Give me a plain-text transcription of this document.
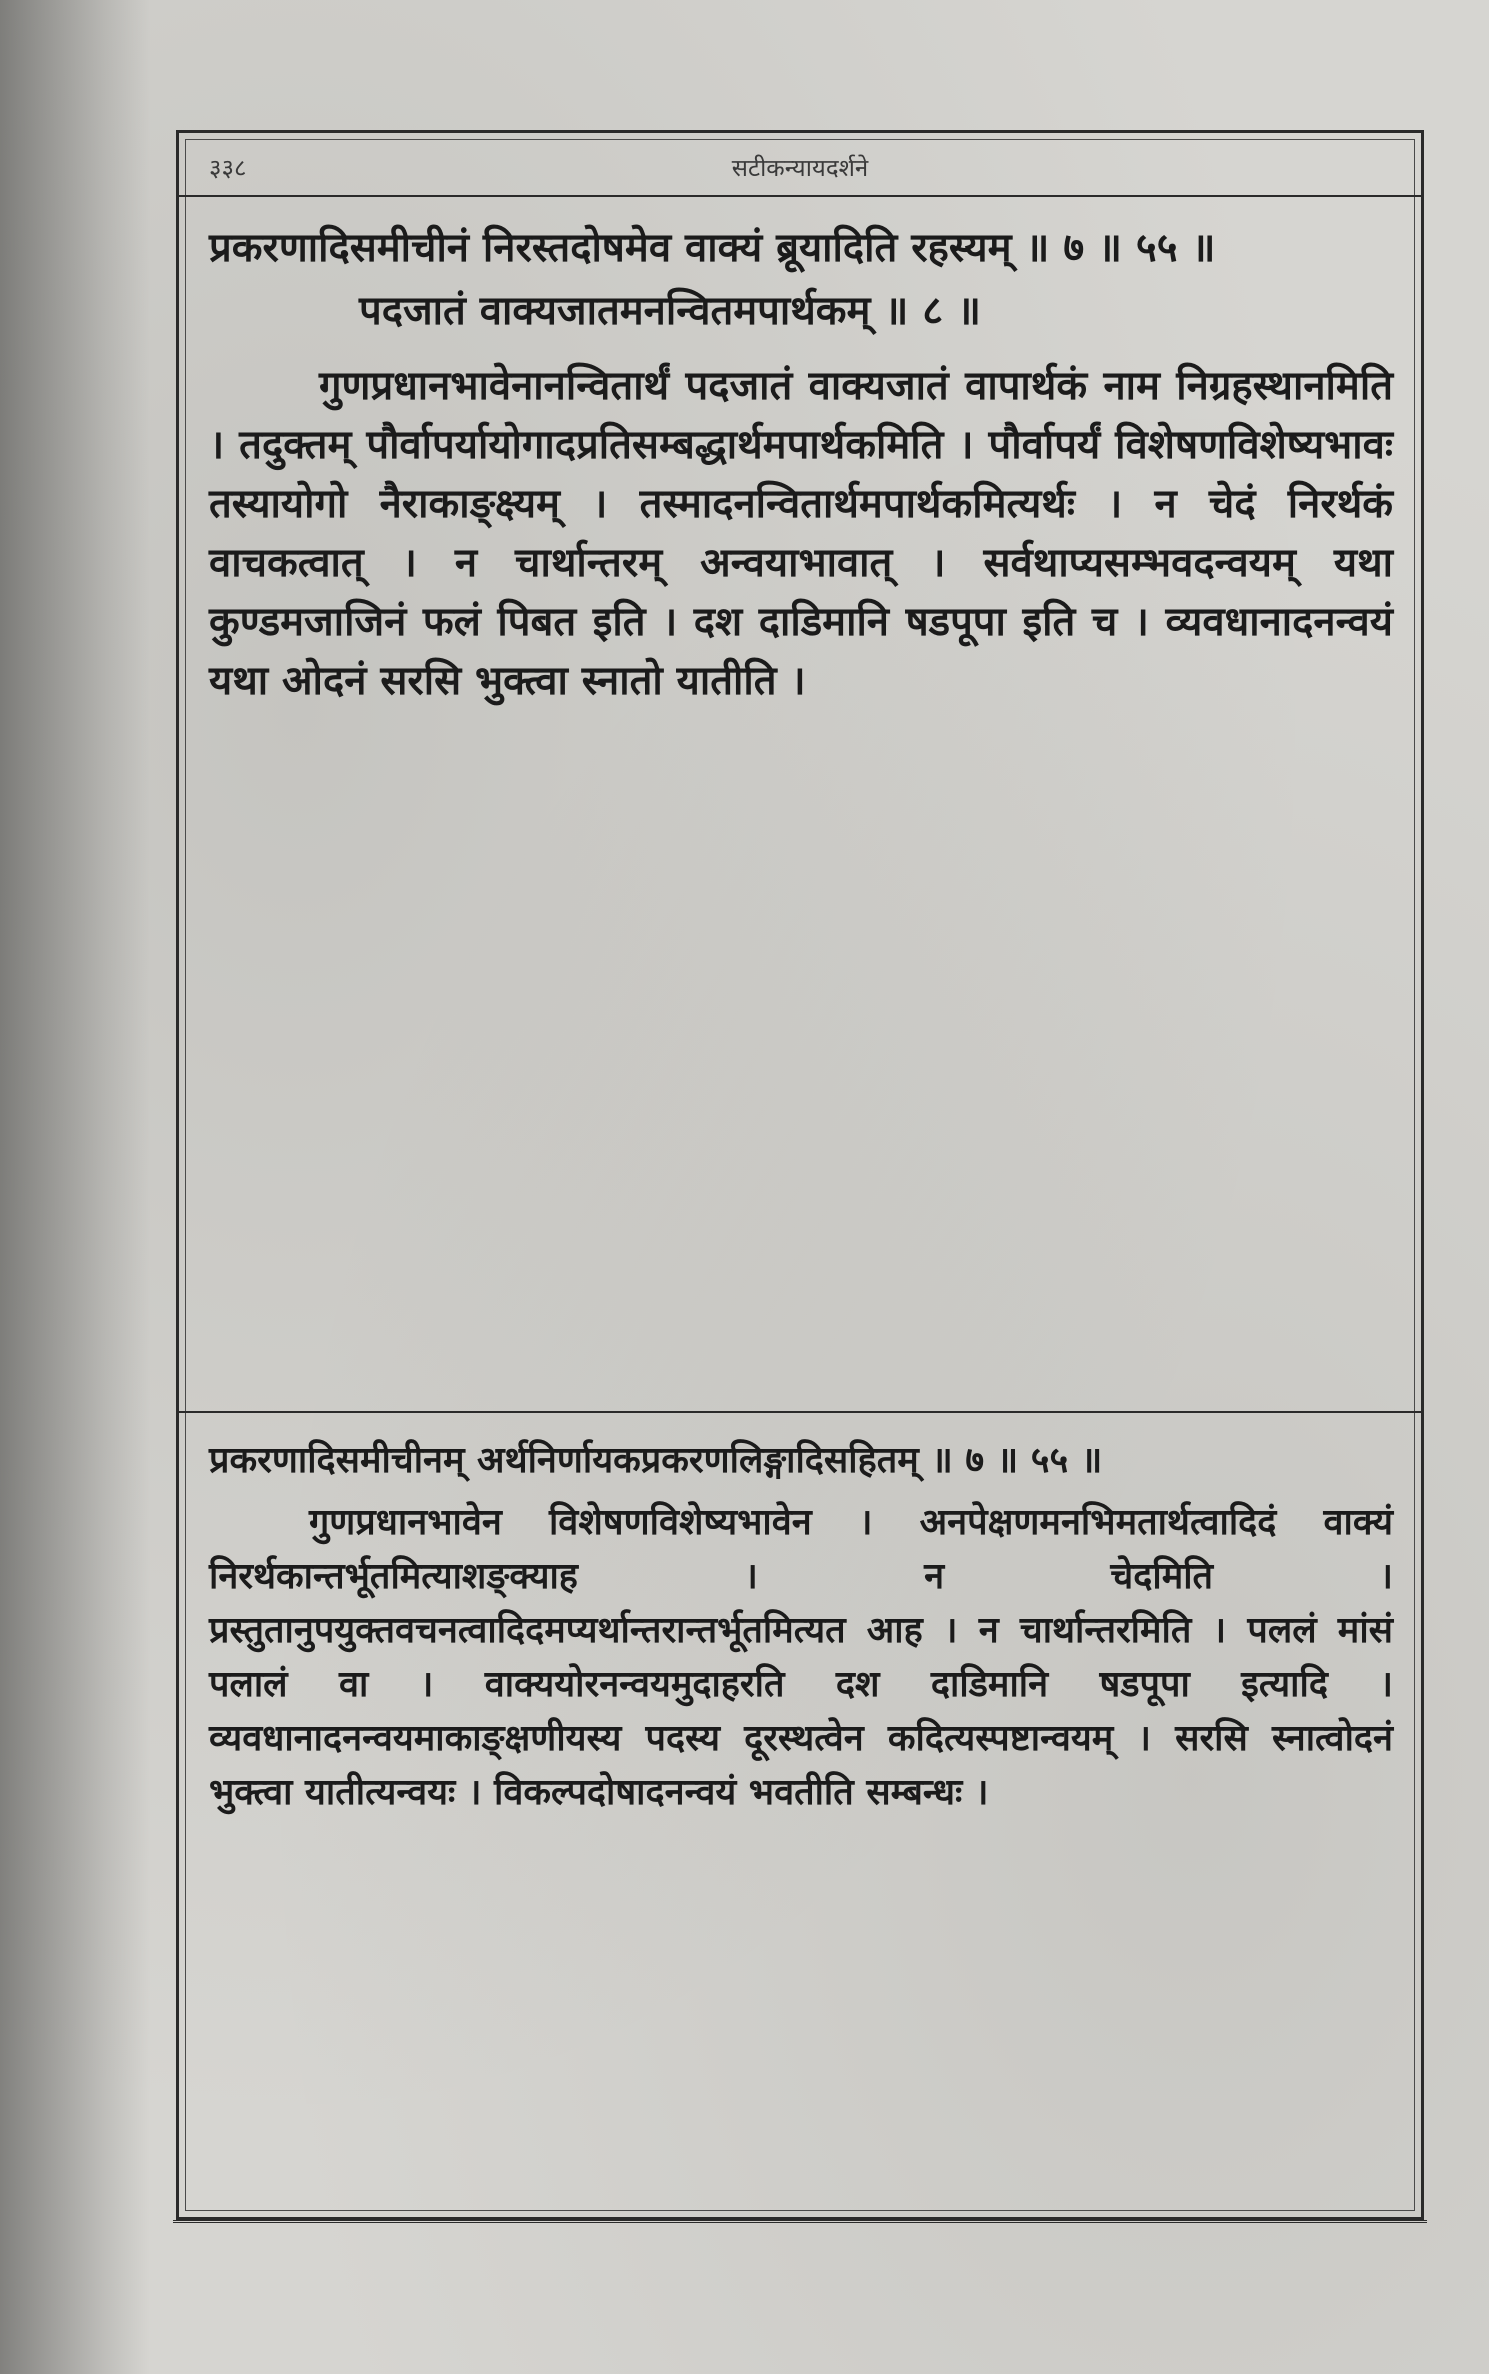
३३८	सटीकन्यायदर्शने

प्रकरणादिसमीचीनं निरस्तदोषमेव वाक्यं ब्रूयादिति रहस्यम् ॥ ७ ॥ ५५ ॥

पदजातं वाक्यजातमनन्वितमपार्थकम् ॥ ८ ॥

गुणप्रधानभावेनानन्वितार्थं पदजातं वाक्यजातं वापार्थकं नाम निग्रहस्थानमिति । तदुक्तम् पौर्वापर्यायोगादप्रतिसम्बद्धार्थमपार्थकमिति । पौर्वापर्यं विशेषणविशेष्यभावः तस्यायोगो नैराकाङ्क्ष्यम् । तस्मादनन्वितार्थमपार्थकमित्यर्थः । न चेदं निरर्थकं वाचकत्वात् । न चार्थान्तरम् अन्वयाभावात् । सर्वथाप्यसम्भवदन्वयम् यथा कुण्डमजाजिनं फलं पिबत इति । दश दाडिमानि षडपूपा इति च । व्यवधानादनन्वयं यथा ओदनं सरसि भुक्त्वा स्नातो यातीति ।

प्रकरणादिसमीचीनम् अर्थनिर्णायकप्रकरणलिङ्गादिसहितम् ॥ ७ ॥ ५५ ॥

गुणप्रधानभावेन विशेषणविशेष्यभावेन । अनपेक्षणमनभिमतार्थत्वादिदं वाक्यं निरर्थकान्तर्भूतमित्याशङ्क्याह । न चेदमिति । प्रस्तुतानुपयुक्तवचनत्वादिदमप्यर्थान्तरान्तर्भूतमित्यत आह । न चार्थान्तरमिति । पललं मांसं पलालं वा । वाक्ययोरनन्वयमुदाहरति दश दाडिमानि षडपूपा इत्यादि । व्यवधानादनन्वयमाकाङ्क्षणीयस्य पदस्य दूरस्थत्वेन कदित्यस्पष्टान्वयम् । सरसि स्नात्वोदनं भुक्त्वा यातीत्यन्वयः । विकल्पदोषादनन्वयं भवतीति सम्बन्धः ।
